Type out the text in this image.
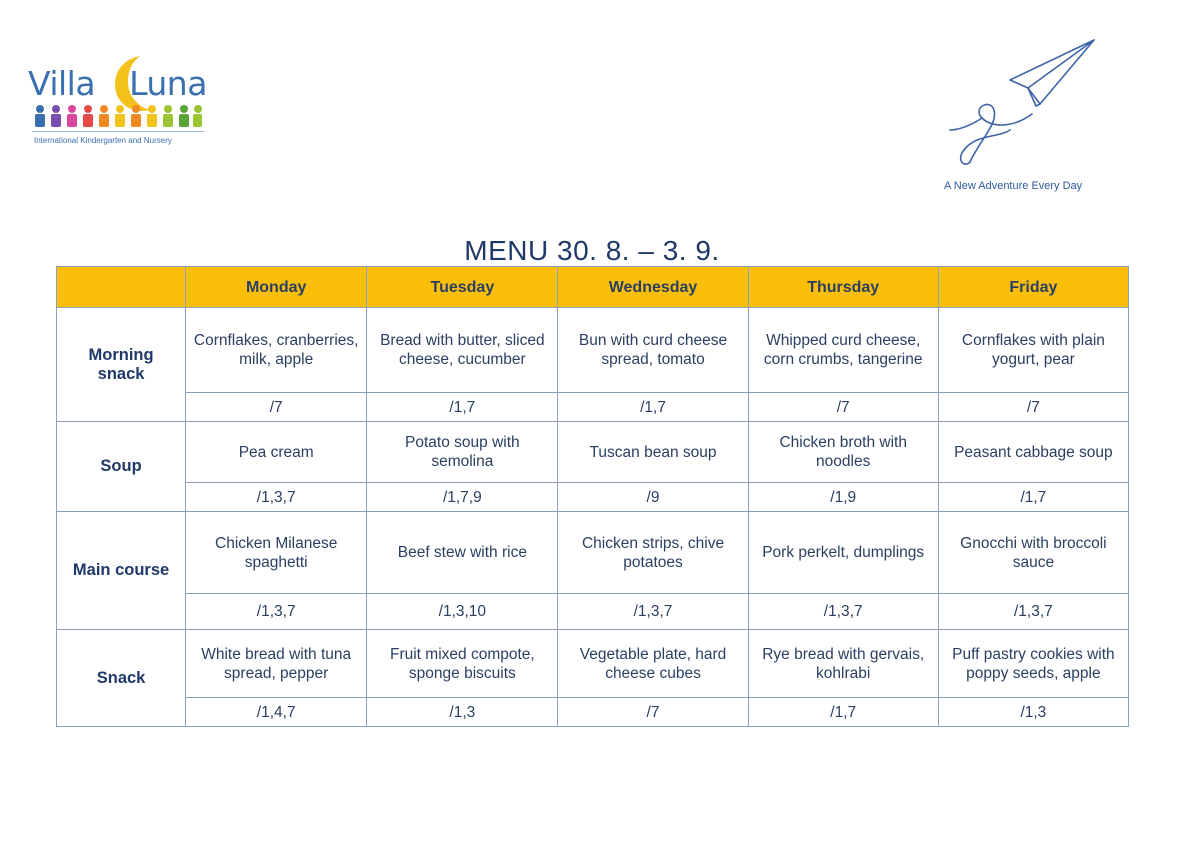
Villa Luna
International Kindergarten and Nursery
A New Adventure Every Day
MENU 30. 8. – 3. 9.
	Monday	Tuesday	Wednesday	Thursday	Friday
Morning snack	Cornflakes, cranberries, milk, apple	Bread with butter, sliced cheese, cucumber	Bun with curd cheese spread, tomato	Whipped curd cheese, corn crumbs, tangerine	Cornflakes with plain yogurt, pear
	/7	/1,7	/1,7	/7	/7
Soup	Pea cream	Potato soup with semolina	Tuscan bean soup	Chicken broth with noodles	Peasant cabbage soup
	/1,3,7	/1,7,9	/9	/1,9	/1,7
Main course	Chicken Milanese spaghetti	Beef stew with rice	Chicken strips, chive potatoes	Pork perkelt, dumplings	Gnocchi with broccoli sauce
	/1,3,7	/1,3,10	/1,3,7	/1,3,7	/1,3,7
Snack	White bread with tuna spread, pepper	Fruit mixed compote, sponge biscuits	Vegetable plate, hard cheese cubes	Rye bread with gervais, kohlrabi	Puff pastry cookies with poppy seeds, apple
	/1,4,7	/1,3	/7	/1,7	/1,3
